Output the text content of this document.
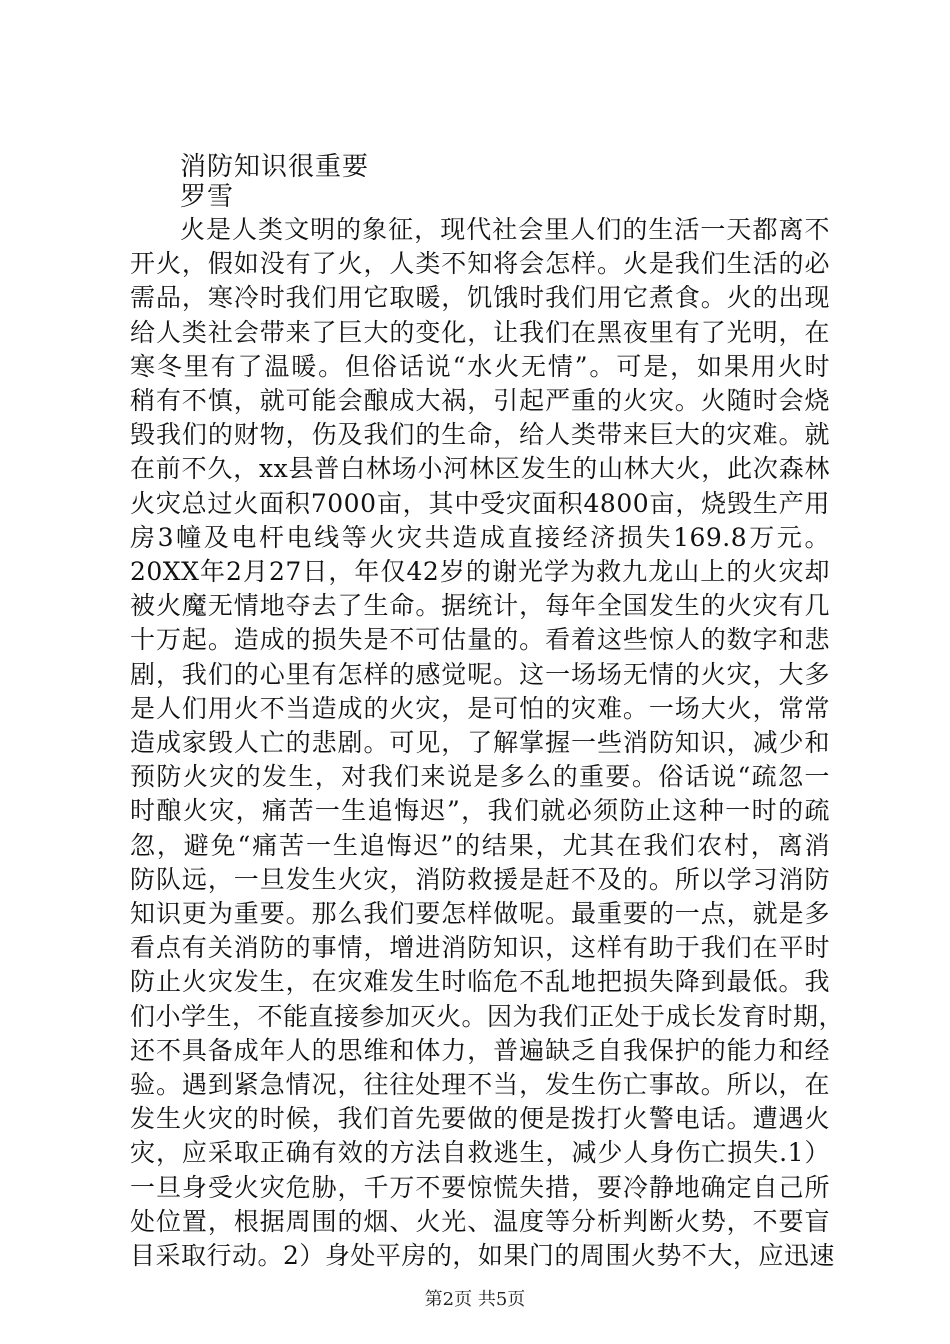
消防知识很重要
罗雪
火是人类文明的象征，现代社会里人们的生活一天都离不
开火，假如没有了火，人类不知将会怎样。火是我们生活的必
需品，寒冷时我们用它取暖，饥饿时我们用它煮食。火的出现
给人类社会带来了巨大的变化，让我们在黑夜里有了光明，在
寒冬里有了温暖。但俗话说“水火无情”。可是，如果用火时
稍有不慎，就可能会酿成大祸，引起严重的火灾。火随时会烧
毁我们的财物，伤及我们的生命，给人类带来巨大的灾难。就
在前不久，xx县普白林场小河林区发生的山林大火，此次森林
火灾总过火面积7000亩，其中受灾面积4800亩，烧毁生产用
房3幢及电杆电线等火灾共造成直接经济损失169.8万元。
20XX年2月27日，年仅42岁的谢光学为救九龙山上的火灾却
被火魔无情地夺去了生命。据统计，每年全国发生的火灾有几
十万起。造成的损失是不可估量的。看着这些惊人的数字和悲
剧，我们的心里有怎样的感觉呢。这一场场无情的火灾，大多
是人们用火不当造成的火灾，是可怕的灾难。一场大火，常常
造成家毁人亡的悲剧。可见，了解掌握一些消防知识，减少和
预防火灾的发生，对我们来说是多么的重要。俗话说“疏忽一
时酿火灾，痛苦一生追悔迟”，我们就必须防止这种一时的疏
忽，避免“痛苦一生追悔迟”的结果，尤其在我们农村，离消
防队远，一旦发生火灾，消防救援是赶不及的。所以学习消防
知识更为重要。那么我们要怎样做呢。最重要的一点，就是多
看点有关消防的事情，增进消防知识，这样有助于我们在平时
防止火灾发生，在灾难发生时临危不乱地把损失降到最低。我
们小学生，不能直接参加灭火。因为我们正处于成长发育时期，
还不具备成年人的思维和体力，普遍缺乏自我保护的能力和经
验。遇到紧急情况，往往处理不当，发生伤亡事故。所以，在
发生火灾的时候，我们首先要做的便是拨打火警电话。遭遇火
灾，应采取正确有效的方法自救逃生，减少人身伤亡损失.1）
一旦身受火灾危胁，千万不要惊慌失措，要冷静地确定自己所
处位置，根据周围的烟、火光、温度等分析判断火势，不要盲
目采取行动。2）身处平房的，如果门的周围火势不大，应迅速
第2页 共5页
